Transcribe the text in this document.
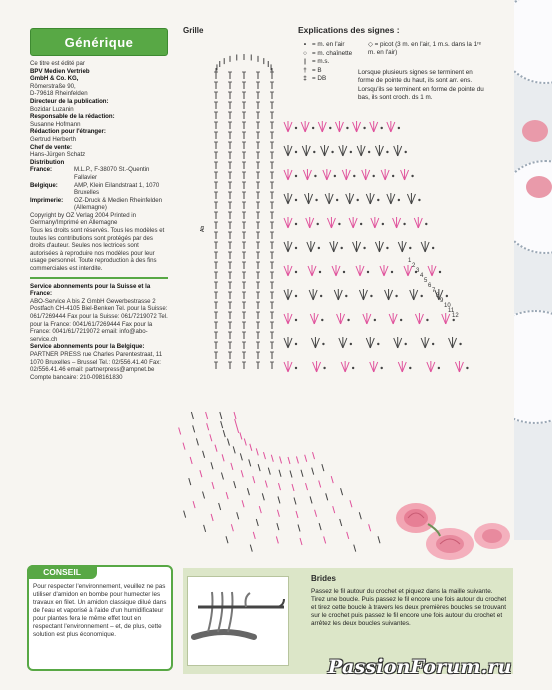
Générique

Ce titre est édité par

BPV Medien Vertrieb

GmbH & Co. KG,

Römerstraße 90,

D-79618 Rheinfelden

Directeur de la publication:

Bozidar Luzanin

Responsable de la rédaction:

Susanne Hofmann

Rédaction pour l'étranger:

Gertrud Herberth

Chef de vente:

Hans-Jürgen Schatz

Distribution

France:	M.L.P., F-38070 St.-Quentin Fallavier
Belgique:	AMP, Klein Eilandstraat 1, 1070 Bruxelles
Imprimerie:	OZ-Druck & Medien Rheinfelden (Allemagne)

Copyright by OZ Verlag 2004 Printed in Germany/Imprimé en Allemagne

Tous les droits sont réservés. Tous les modèles et toutes les contributions sont protégés par des droits d'auteur. Seules nos lectrices sont autorisées à reproduire nos modèles pour leur usage personnel. Toute reproduction à des fins commerciales est interdite.

Service abonnements pour la Suisse et la France:

ABO-Service A bis Z GmbH Gewerbestrasse 2 Postfach CH-4105 Biel-Benken Tel. pour la Suisse: 061/7269444 Fax pour la Suisse: 061/7219072 Tel. pour la France: 0041/61/7269444 Fax pour la France: 0041/61/7219072 email: info@abo-service.ch

Service abonnements pour la Belgique:

PARTNER PRESS rue Charles Parentestraat, 11 1070 Bruxelles – Brussel Tel.: 02/556.41.40 Fax: 02/556.41.46 email: partnerpress@ampnet.be Compte bancaire: 210-098161830

CONSEIL
Pour respecter l'environnement, veuillez ne pas utiliser d'amidon en bombe pour humecter les travaux en filet. Un amidon classique dilué dans de l'eau et vaporisé à l'aide d'un humidificateur pour plantes fera le même effet tout en respectant l'environnement – et, de plus, cette solution est plus économique.
Grille	Explications des signes :
• = m. en l'air
○ = m. chaînette
| = m.s.
† = B
‡ = DB
◇ = picot (3 m. en l'air, 1 m.s. dans la 1ʳᵉ m. en l'air)
Lorsque plusieurs signes se terminent en forme de pointe du haut, ils sont arr. ens. Lorsqu'ils se terminent en forme de pointe du bas, ils sont croch. ds 1 m.
1
2
3
4
5
6
7
8
9
10
11
12
Ab
Brides
Passez le fil autour du crochet et piquez dans la maille suivante. Tirez une boucle. Puis passez le fil encore une fois autour du crochet et tirez cette boucle à travers les deux premières boucles se trouvant sur le crochet puis passez le fil encore une fois autour du crochet et arrêtez les deux boucles suivantes.
PassionForum.ru
